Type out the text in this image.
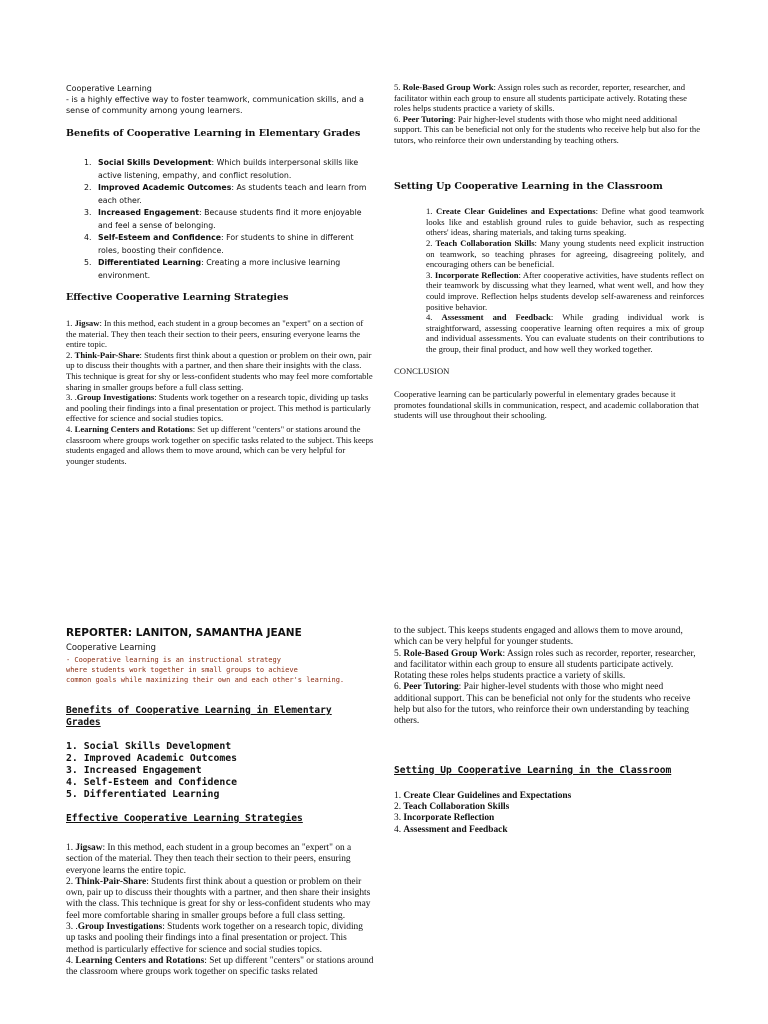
Cooperative Learning

- is a highly effective way to foster teamwork, communication skills, and a sense of community among young learners.

Benefits of Cooperative Learning in Elementary Grades

1. Social Skills Development: Which builds interpersonal skills like active listening, empathy, and conflict resolution.
2. Improved Academic Outcomes: As students teach and learn from each other.
3. Increased Engagement: Because students find it more enjoyable and feel a sense of belonging.
4. Self-Esteem and Confidence: For students to shine in different roles, boosting their confidence.
5. Differentiated Learning: Creating a more inclusive learning environment.

Effective Cooperative Learning Strategies

1. Jigsaw: In this method, each student in a group becomes an "expert" on a section of the material. They then teach their section to their peers, ensuring everyone learns the entire topic.

2. Think-Pair-Share: Students first think about a question or problem on their own, pair up to discuss their thoughts with a partner, and then share their insights with the class. This technique is great for shy or less-confident students who may feel more comfortable sharing in smaller groups before a full class setting.

3. .Group Investigations: Students work together on a research topic, dividing up tasks and pooling their findings into a final presentation or project. This method is particularly effective for science and social studies topics.

4. Learning Centers and Rotations: Set up different "centers" or stations around the classroom where groups work together on specific tasks related to the subject. This keeps students engaged and allows them to move around, which can be very helpful for younger students.

5. Role-Based Group Work: Assign roles such as recorder, reporter, researcher, and facilitator within each group to ensure all students participate actively. Rotating these roles helps students practice a variety of skills.

6. Peer Tutoring: Pair higher-level students with those who might need additional support. This can be beneficial not only for the students who receive help but also for the tutors, who reinforce their own understanding by teaching others.

Setting Up Cooperative Learning in the Classroom

1. Create Clear Guidelines and Expectations: Define what good teamwork looks like and establish ground rules to guide behavior, such as respecting others' ideas, sharing materials, and taking turns speaking.

2. Teach Collaboration Skills: Many young students need explicit instruction on teamwork, so teaching phrases for agreeing, disagreeing politely, and encouraging others can be beneficial.

3. Incorporate Reflection: After cooperative activities, have students reflect on their teamwork by discussing what they learned, what went well, and how they could improve. Reflection helps students develop self-awareness and reinforces positive behavior.

4. Assessment and Feedback: While grading individual work is straightforward, assessing cooperative learning often requires a mix of group and individual assessments. You can evaluate students on their contributions to the group, their final product, and how well they worked together.

CONCLUSION

Cooperative learning can be particularly powerful in elementary grades because it promotes foundational skills in communication, respect, and academic collaboration that students will use throughout their schooling.

REPORTER: LANITON, SAMANTHA JEANE

Cooperative Learning

- Cooperative learning is an instructional strategy

where students work together in small groups to achieve

common goals while maximizing their own and each other's learning.

Benefits of Cooperative Learning in Elementary Grades

1. Social Skills Development

2. Improved Academic Outcomes

3. Increased Engagement

4. Self-Esteem and Confidence

5. Differentiated Learning

Effective Cooperative Learning Strategies

1. Jigsaw: In this method, each student in a group becomes an "expert" on a section of the material. They then teach their section to their peers, ensuring everyone learns the entire topic.

2. Think-Pair-Share: Students first think about a question or problem on their own, pair up to discuss their thoughts with a partner, and then share their insights with the class. This technique is great for shy or less-confident students who may feel more comfortable sharing in smaller groups before a full class setting.

3. .Group Investigations: Students work together on a research topic, dividing up tasks and pooling their findings into a final presentation or project. This method is particularly effective for science and social studies topics.

4. Learning Centers and Rotations: Set up different "centers" or stations around the classroom where groups work together on specific tasks related

to the subject. This keeps students engaged and allows them to move around, which can be very helpful for younger students.

5. Role-Based Group Work: Assign roles such as recorder, reporter, researcher, and facilitator within each group to ensure all students participate actively. Rotating these roles helps students practice a variety of skills.

6. Peer Tutoring: Pair higher-level students with those who might need additional support. This can be beneficial not only for the students who receive help but also for the tutors, who reinforce their own understanding by teaching others.

Setting Up Cooperative Learning in the Classroom

1. Create Clear Guidelines and Expectations

2. Teach Collaboration Skills

3. Incorporate Reflection

4. Assessment and Feedback
